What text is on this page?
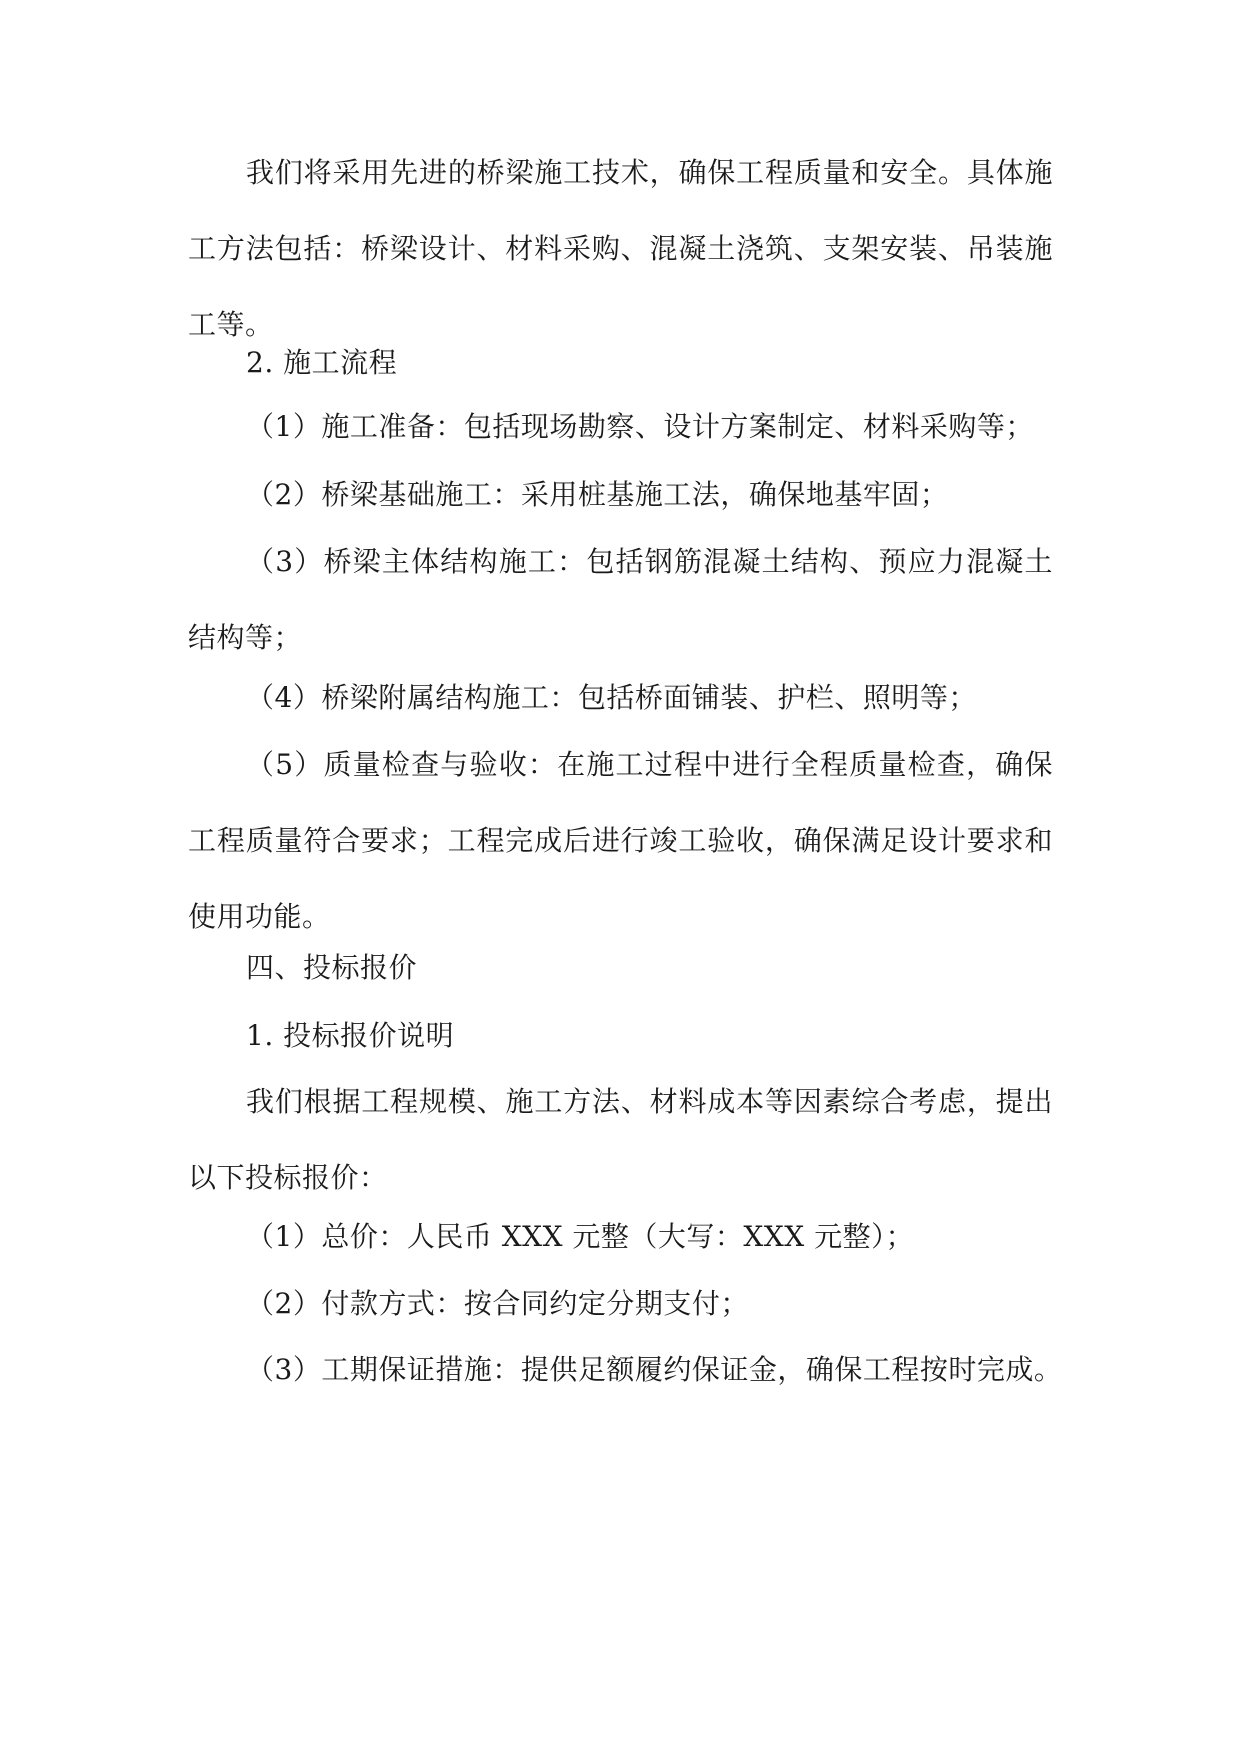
我们将采用先进的桥梁施工技术，确保工程质量和安全。具体施工方法包括：桥梁设计、材料采购、混凝土浇筑、支架安装、吊装施工等。

2. 施工流程

（1）施工准备：包括现场勘察、设计方案制定、材料采购等；

（2）桥梁基础施工：采用桩基施工法，确保地基牢固；

（3）桥梁主体结构施工：包括钢筋混凝土结构、预应力混凝土结构等；

（4）桥梁附属结构施工：包括桥面铺装、护栏、照明等；

（5）质量检查与验收：在施工过程中进行全程质量检查，确保工程质量符合要求；工程完成后进行竣工验收，确保满足设计要求和使用功能。

四、投标报价

1. 投标报价说明

我们根据工程规模、施工方法、材料成本等因素综合考虑，提出以下投标报价：

（1）总价：人民币 XXX 元整（大写：XXX 元整）；

（2）付款方式：按合同约定分期支付；

（3）工期保证措施：提供足额履约保证金，确保工程按时完成。
